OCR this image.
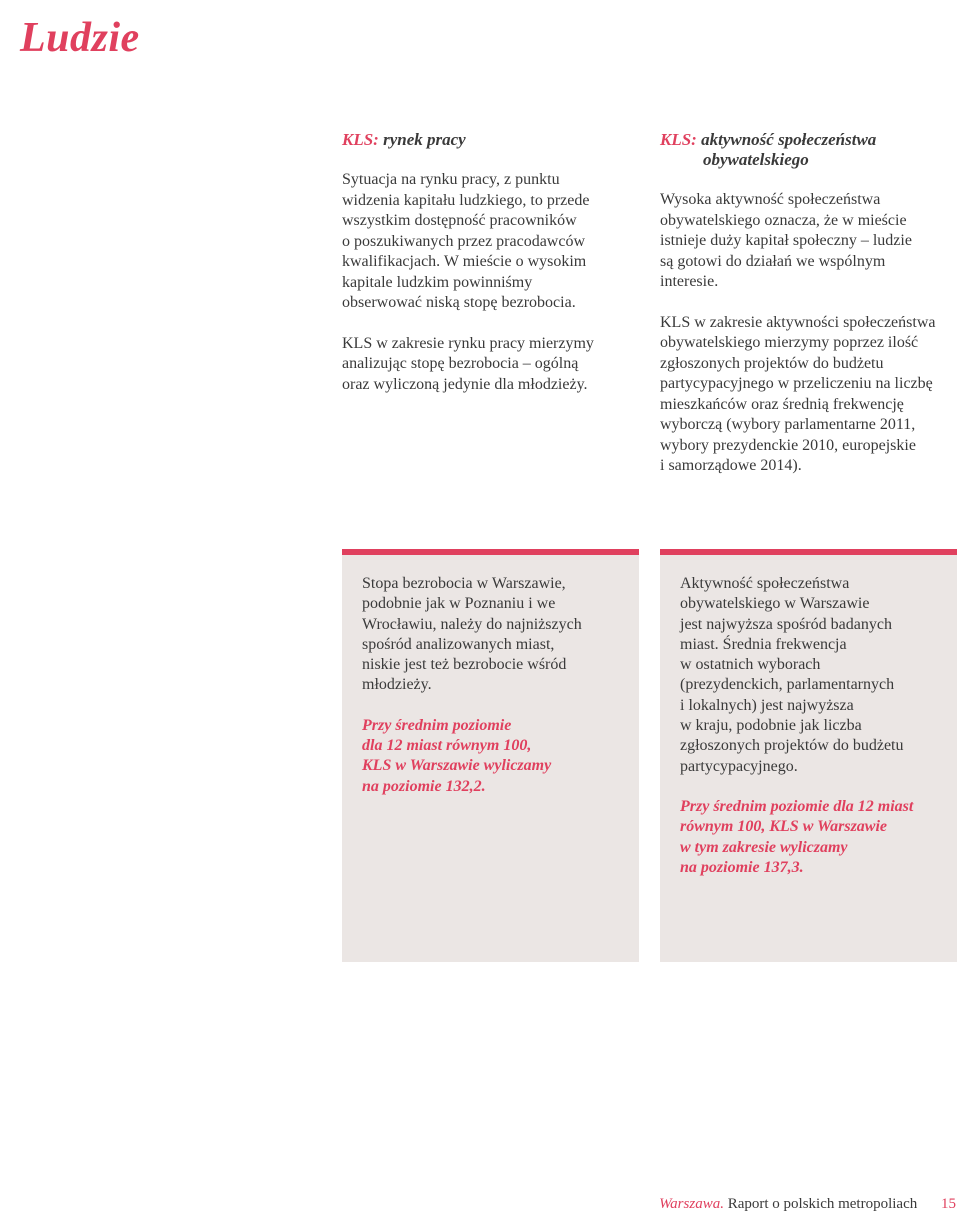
Ludzie
KLS: rynek pracy

Sytuacja na rynku pracy, z punktu
widzenia kapitału ludzkiego, to przede
wszystkim dostępność pracowników
o poszukiwanych przez pracodawców
kwalifikacjach. W mieście o wysokim
kapitale ludzkim powinniśmy
obserwować niską stopę bezrobocia.

KLS w zakresie rynku pracy mierzymy
analizując stopę bezrobocia – ogólną
oraz wyliczoną jedynie dla młodzieży.

KLS: aktywność społeczeństwa
obywatelskiego

Wysoka aktywność społeczeństwa
obywatelskiego oznacza, że w mieście
istnieje duży kapitał społeczny – ludzie
są gotowi do działań we wspólnym
interesie.

KLS w zakresie aktywności społeczeństwa
obywatelskiego mierzymy poprzez ilość
zgłoszonych projektów do budżetu
partycypacyjnego w przeliczeniu na liczbę
mieszkańców oraz średnią frekwencję
wyborczą (wybory parlamentarne 2011,
wybory prezydenckie 2010, europejskie
i samorządowe 2014).

Stopa bezrobocia w Warszawie,
podobnie jak w Poznaniu i we
Wrocławiu, należy do najniższych
spośród analizowanych miast,
niskie jest też bezrobocie wśród
młodzieży.

Przy średnim poziomie
dla 12 miast równym 100,
KLS w Warszawie wyliczamy
na poziomie 132,2.

Aktywność społeczeństwa
obywatelskiego w Warszawie
jest najwyższa spośród badanych
miast. Średnia frekwencja
w ostatnich wyborach
(prezydenckich, parlamentarnych
i lokalnych) jest najwyższa
w kraju, podobnie jak liczba
zgłoszonych projektów do budżetu
partycypacyjnego.

Przy średnim poziomie dla 12 miast
równym 100, KLS w Warszawie
w tym zakresie wyliczamy
na poziomie 137,3.

Warszawa. Raport o polskich metropoliach 15
